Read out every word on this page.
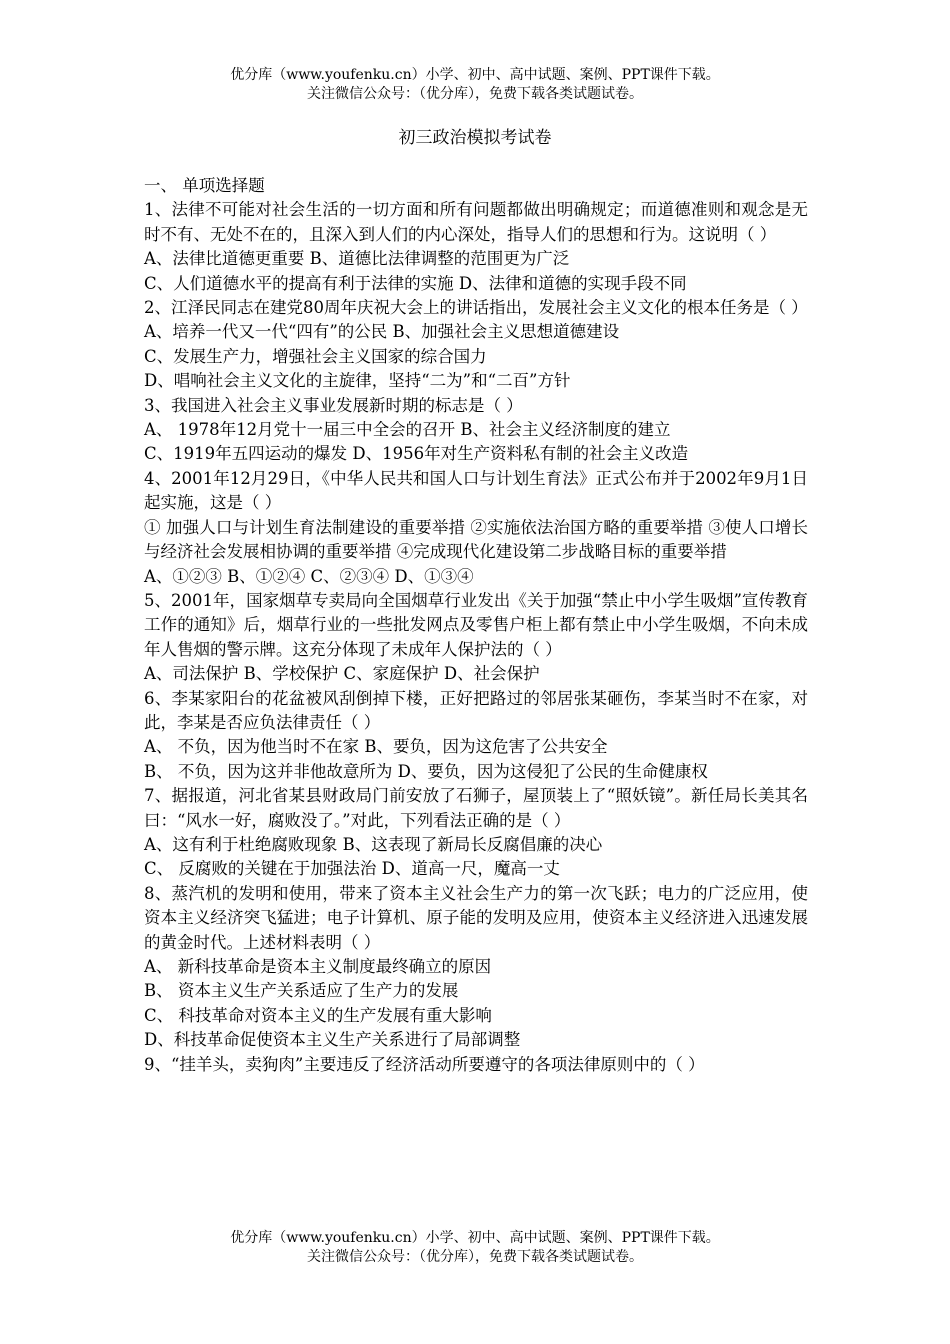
优分库（www.youfenku.cn）小学、初中、高中试题、案例、PPT课件下载。
关注微信公众号：（优分库），免费下载各类试题试卷。
初三政治模拟考试卷

一、 单项选择题

1、法律不可能对社会生活的一切方面和所有问题都做出明确规定；而道德准则和观念是无时不有、无处不在的，且深入到人们的内心深处，指导人们的思想和行为。这说明（ ）

A、法律比道德更重要 B、道德比法律调整的范围更为广泛

C、人们道德水平的提高有利于法律的实施 D、法律和道德的实现手段不同

2、江泽民同志在建党80周年庆祝大会上的讲话指出，发展社会主义文化的根本任务是（ ）

A、培养一代又一代“四有”的公民 B、加强社会主义思想道德建设

C、发展生产力，增强社会主义国家的综合国力

D、唱响社会主义文化的主旋律，坚持“二为”和“二百”方针

3、我国进入社会主义事业发展新时期的标志是（ ）

A、 1978年12月党十一届三中全会的召开 B、社会主义经济制度的建立

C、1919年五四运动的爆发 D、1956年对生产资料私有制的社会主义改造

4、2001年12月29日，《中华人民共和国人口与计划生育法》正式公布并于2002年9月1日起实施，这是（ ）

① 加强人口与计划生育法制建设的重要举措 ②实施依法治国方略的重要举措 ③使人口增长与经济社会发展相协调的重要举措 ④完成现代化建设第二步战略目标的重要举措

A、①②③ B、①②④ C、②③④ D、①③④

5、2001年，国家烟草专卖局向全国烟草行业发出《关于加强“禁止中小学生吸烟”宣传教育工作的通知》后，烟草行业的一些批发网点及零售户柜上都有禁止中小学生吸烟，不向未成年人售烟的警示牌。这充分体现了未成年人保护法的（ ）

A、司法保护 B、学校保护 C、家庭保护 D、社会保护

6、李某家阳台的花盆被风刮倒掉下楼，正好把路过的邻居张某砸伤，李某当时不在家，对此，李某是否应负法律责任（ ）

A、 不负，因为他当时不在家 B、要负，因为这危害了公共安全

B、 不负，因为这并非他故意所为 D、要负，因为这侵犯了公民的生命健康权

7、据报道，河北省某县财政局门前安放了石狮子，屋顶装上了“照妖镜”。新任局长美其名曰：“风水一好，腐败没了。”对此，下列看法正确的是（ ）

A、这有利于杜绝腐败现象 B、这表现了新局长反腐倡廉的决心

C、 反腐败的关键在于加强法治 D、道高一尺，魔高一丈

8、蒸汽机的发明和使用，带来了资本主义社会生产力的第一次飞跃；电力的广泛应用，使资本主义经济突飞猛进；电子计算机、原子能的发明及应用，使资本主义经济进入迅速发展的黄金时代。上述材料表明（ ）

A、 新科技革命是资本主义制度最终确立的原因

B、 资本主义生产关系适应了生产力的发展

C、 科技革命对资本主义的生产发展有重大影响

D、科技革命促使资本主义生产关系进行了局部调整

9、“挂羊头，卖狗肉”主要违反了经济活动所要遵守的各项法律原则中的（ ）

优分库（www.youfenku.cn）小学、初中、高中试题、案例、PPT课件下载。
关注微信公众号：（优分库），免费下载各类试题试卷。
